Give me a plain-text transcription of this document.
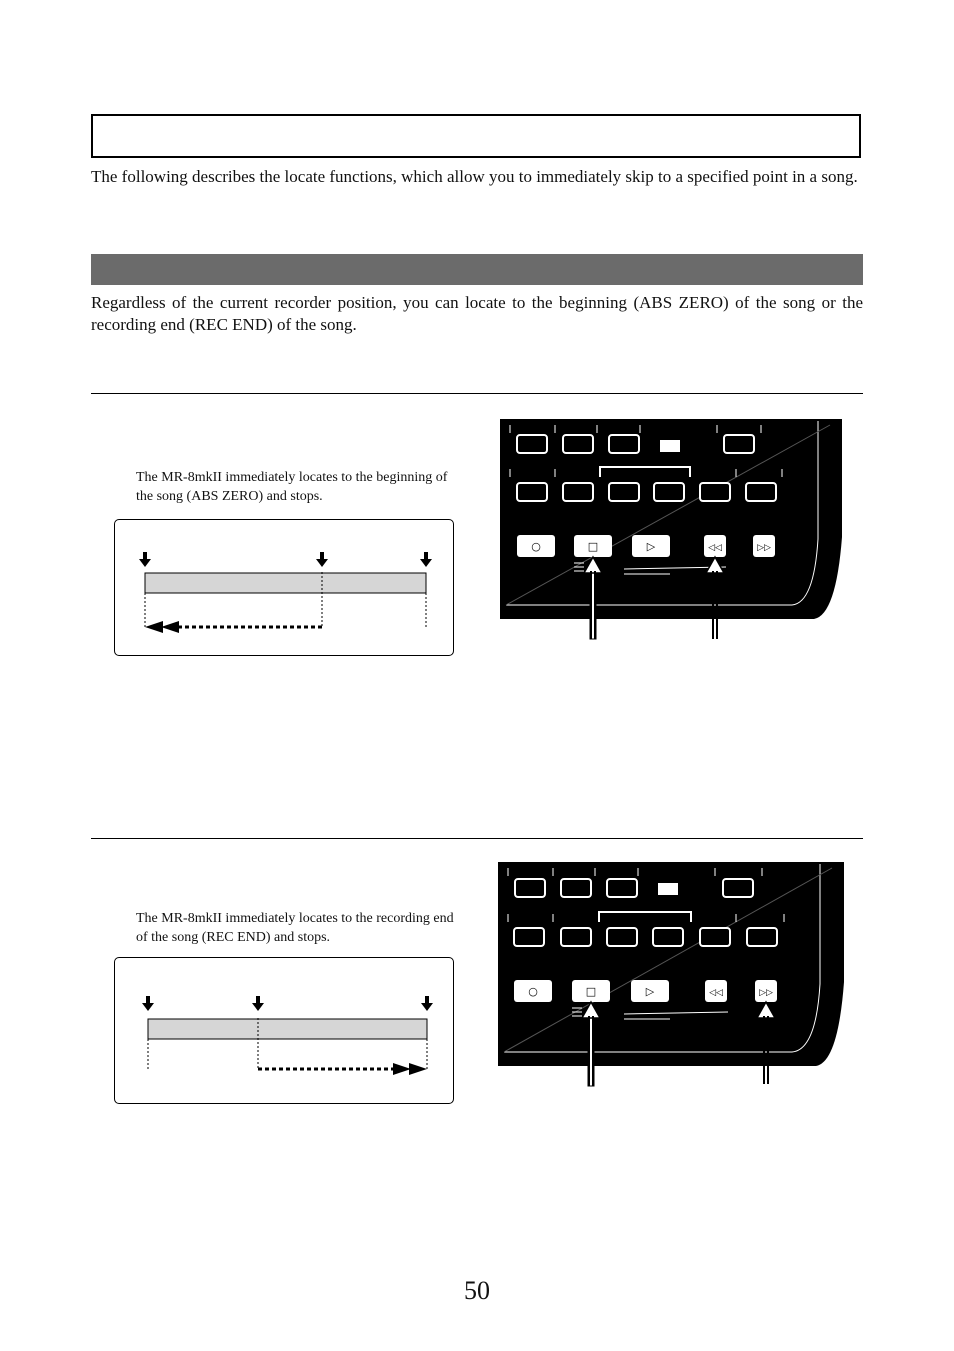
The following describes the locate functions, which allow you to immediately skip to a specified point in a song.

Regardless of the current recorder position, you can locate to the beginning (ABS ZERO) of the song or the recording end (REC END) of the song.

The MR-8mkII immediately locates to the beginning of the song (ABS ZERO) and stops.

○	□	▷	◁◁	▷▷

The MR-8mkII immediately locates to the recording end of the song (REC END) and stops.

○	□	▷	◁◁	▷▷
50
